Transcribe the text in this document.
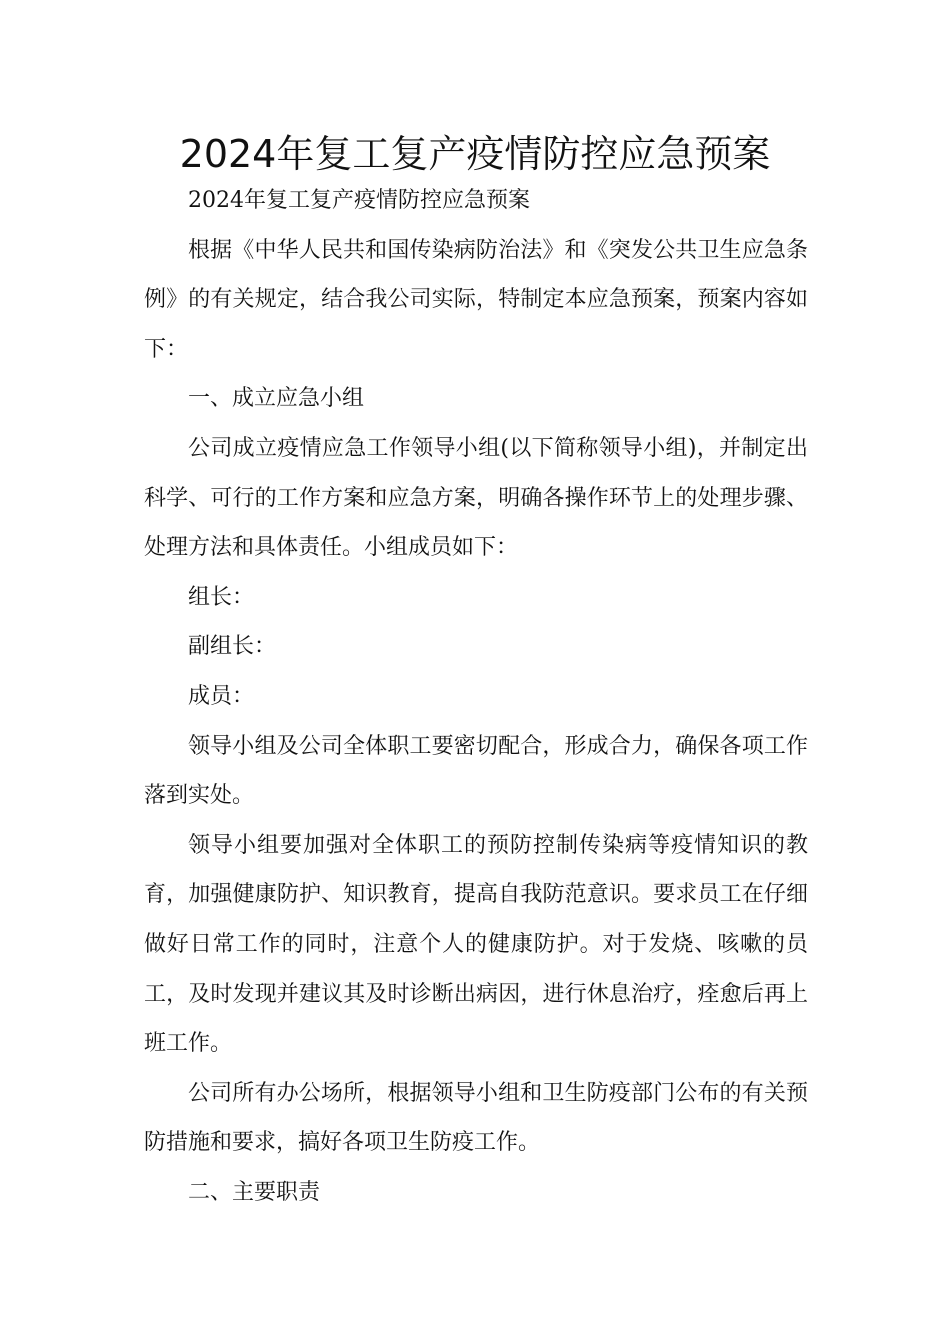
2024年复工复产疫情防控应急预案

2024年复工复产疫情防控应急预案

根据《中华人民共和国传染病防治法》和《突发公共卫生应急条例》的有关规定，结合我公司实际，特制定本应急预案，预案内容如下：

一、成立应急小组

公司成立疫情应急工作领导小组(以下简称领导小组)，并制定出科学、可行的工作方案和应急方案，明确各操作环节上的处理步骤、处理方法和具体责任。小组成员如下：

组长：

副组长：

成员：

领导小组及公司全体职工要密切配合，形成合力，确保各项工作落到实处。

领导小组要加强对全体职工的预防控制传染病等疫情知识的教育，加强健康防护、知识教育，提高自我防范意识。要求员工在仔细做好日常工作的同时，注意个人的健康防护。对于发烧、咳嗽的员工，及时发现并建议其及时诊断出病因，进行休息治疗，痊愈后再上班工作。

公司所有办公场所，根据领导小组和卫生防疫部门公布的有关预防措施和要求，搞好各项卫生防疫工作。

二、主要职责
